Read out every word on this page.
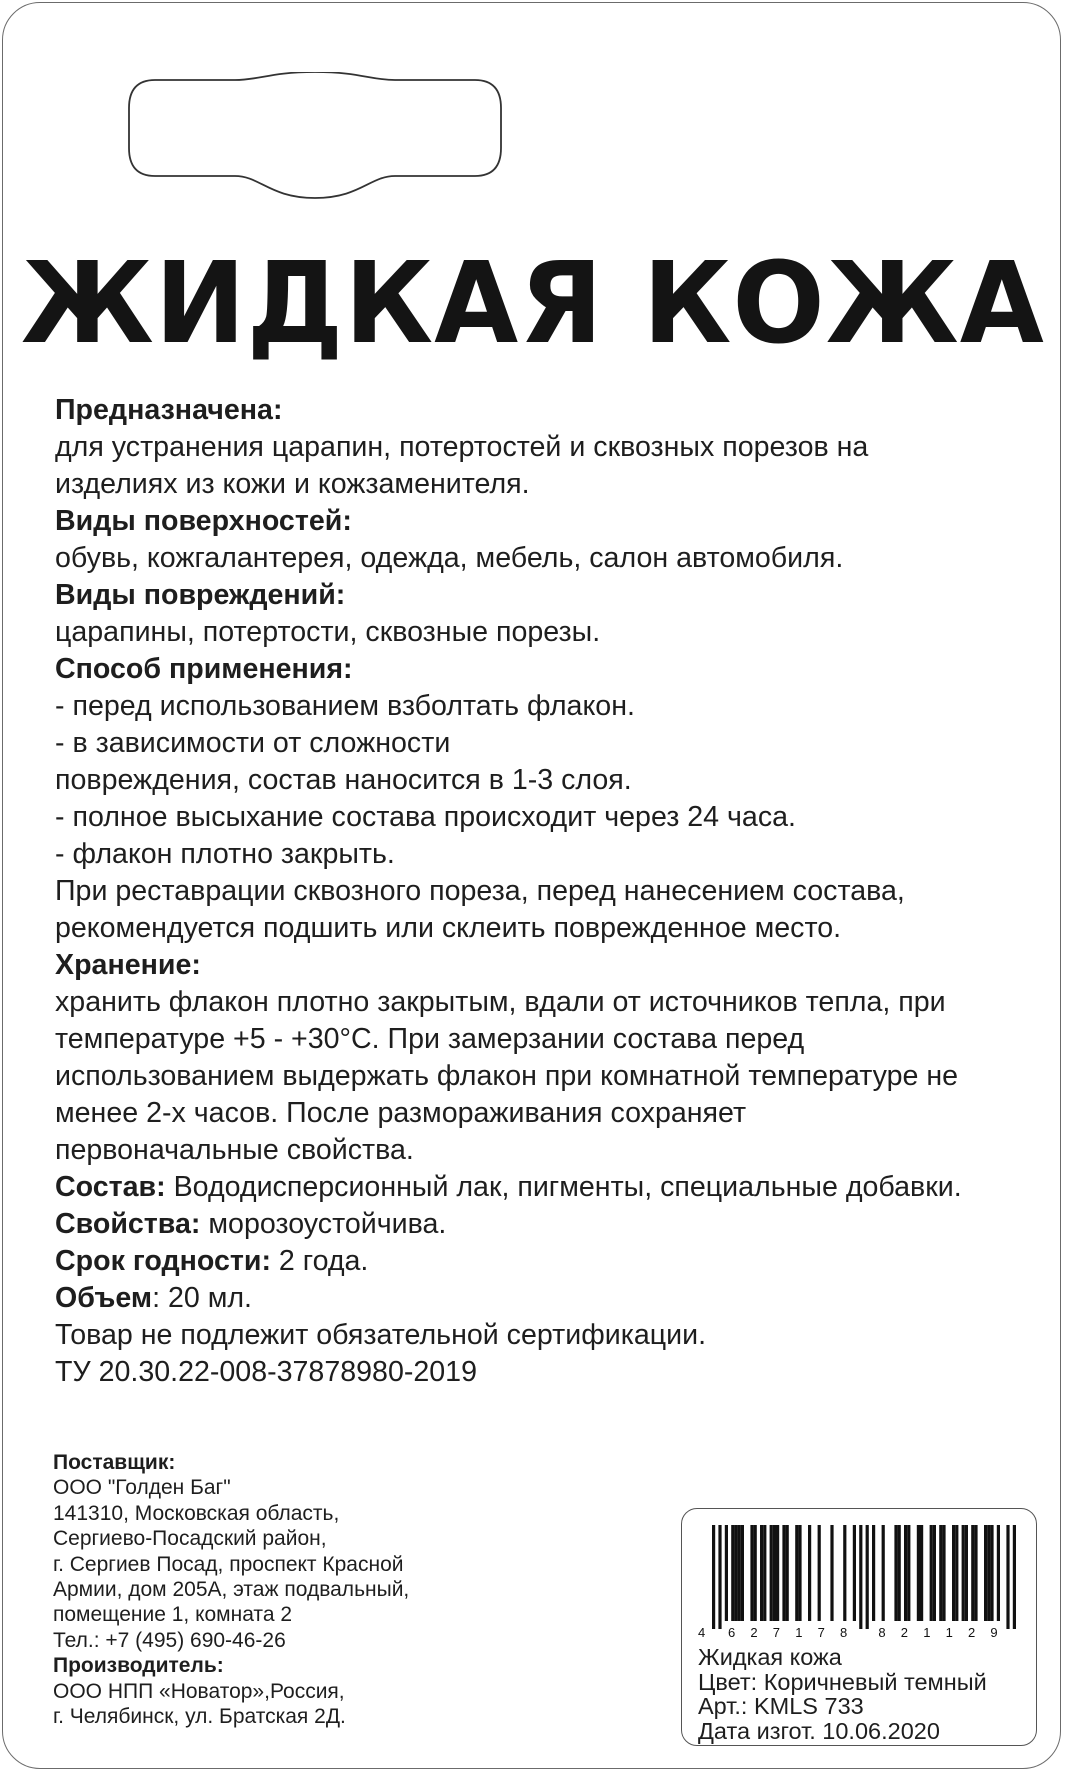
ЖИДКАЯ КОЖА
Предназначена:
для устранения царапин, потертостей и сквозных порезов на
изделиях из кожи и кожзаменителя.
Виды поверхностей:
обувь, кожгалантерея, одежда, мебель, салон автомобиля.
Виды повреждений:
царапины, потертости, сквозные порезы.
Способ применения:
- перед использованием взболтать флакон.
- в зависимости от сложности
повреждения, состав наносится в 1-3 слоя.
- полное высыхание состава происходит через 24 часа.
- флакон плотно закрыть.
При реставрации сквозного пореза, перед нанесением состава,
рекомендуется подшить или склеить поврежденное место.
Хранение:
хранить флакон плотно закрытым, вдали от источников тепла, при
температуре +5 - +30°С. При замерзании состава перед
использованием выдержать флакон при комнатной температуре не
менее 2-х часов. После размораживания сохраняет
первоначальные свойства.
Состав: Вододисперсионный лак, пигменты, специальные добавки.
Свойства: морозоустойчива.
Срок годности: 2 года.
Объем: 20 мл.
Товар не подлежит обязательной сертификации.
ТУ 20.30.22-008-37878980-2019
Поставщик:
ООО "Голден Баг"
141310, Московская область,
Сергиево-Посадский район,
г. Сергиев Посад, проспект Красной
Армии, дом 205А, этаж подвальный,
помещение 1, комната 2
Тел.: +7 (495) 690-46-26
Производитель:
ООО НПП «Новатор»,Россия,
г. Челябинск, ул. Братская 2Д.
4 6 2 7 1 7 8 8 2 1 1 2 9
Жидкая кожа
Цвет: Коричневый темный
Арт.: KMLS 733
Дата изгот. 10.06.2020
